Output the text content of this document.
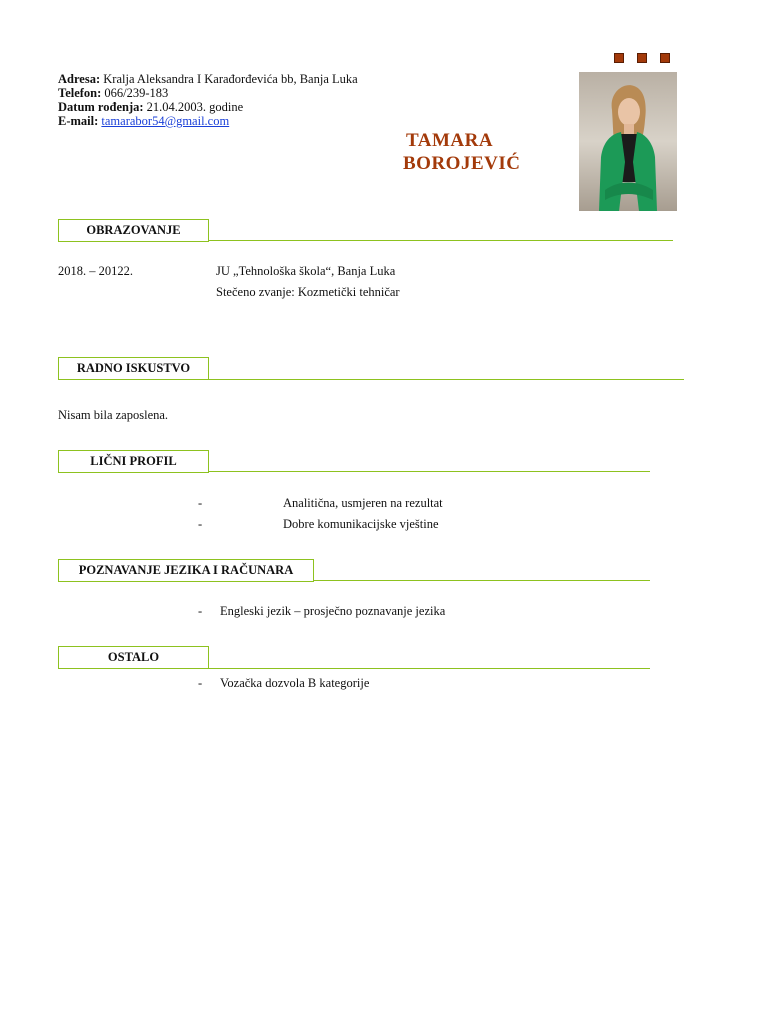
Adresa: Kralja Aleksandra I Karađorđevića bb, Banja Luka
Telefon: 066/239-183
Datum rođenja: 21.04.2003. godine
E-mail: tamarabor54@gmail.com
TAMARA
BOROJEVIĆ
OBRAZOVANJE
2018. – 20122.	JU „Tehnološka škola“, Banja Luka
Stečeno zvanje: Kozmetički tehničar
RADNO ISKUSTVO
Nisam bila zaposlena.
LIČNI PROFIL
-	Analitična, usmjeren na rezultat
-	Dobre komunikacijske vještine
POZNAVANJE JEZIKA I RAČUNARA
- Engleski jezik – prosječno poznavanje jezika
OSTALO
- Vozačka dozvola B kategorije
